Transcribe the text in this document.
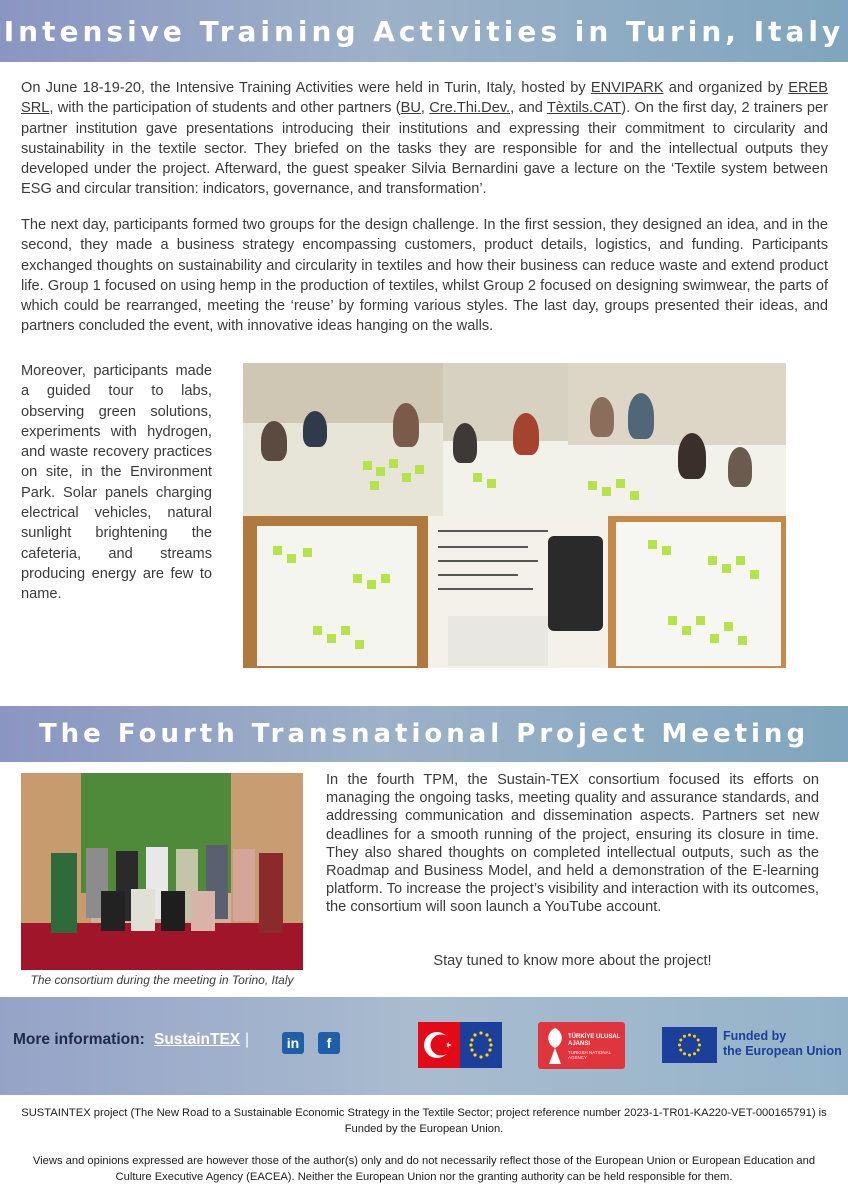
Intensive Training Activities in Turin, Italy
On June 18-19-20, the Intensive Training Activities were held in Turin, Italy, hosted by ENVIPARK and organized by EREB SRL, with the participation of students and other partners (BU, Cre.Thi.Dev., and Tèxtils.CAT). On the first day, 2 trainers per partner institution gave presentations introducing their institutions and expressing their commitment to circularity and sustainability in the textile sector. They briefed on the tasks they are responsible for and the intellectual outputs they developed under the project. Afterward, the guest speaker Silvia Bernardini gave a lecture on the ‘Textile system between ESG and circular transition: indicators, governance, and transformation’.
The next day, participants formed two groups for the design challenge. In the first session, they designed an idea, and in the second, they made a business strategy encompassing customers, product details, logistics, and funding. Participants exchanged thoughts on sustainability and circularity in textiles and how their business can reduce waste and extend product life. Group 1 focused on using hemp in the production of textiles, whilst Group 2 focused on designing swimwear, the parts of which could be rearranged, meeting the ‘reuse’ by forming various styles. The last day, groups presented their ideas, and partners concluded the event, with innovative ideas hanging on the walls.
Moreover, participants made a guided tour to labs, observing green solutions, experiments with hydrogen, and waste recovery practices on site, in the Environment Park. Solar panels charging electrical vehicles, natural sunlight brightening the cafeteria, and streams producing energy are few to name.
The Fourth Transnational Project Meeting
The consortium during the meeting in Torino, Italy
In the fourth TPM, the Sustain-TEX consortium focused its efforts on managing the ongoing tasks, meeting quality and assurance standards, and addressing communication and dissemination aspects. Partners set new deadlines for a smooth running of the project, ensuring its closure in time. They also shared thoughts on completed intellectual outputs, such as the Roadmap and Business Model, and held a demonstration of the E-learning platform. To increase the project’s visibility and interaction with its outcomes, the consortium will soon launch a YouTube account.
Stay tuned to know more about the project!
More information: SustainTEX |	in	f	TÜRKİYE ULUSAL AJANSI
TURKISH NATIONAL AGENCY
Funded by
the European Union
SUSTAINTEX project (The New Road to a Sustainable Economic Strategy in the Textile Sector; project reference number 2023-1-TR01-KA220-VET-000165791) is Funded by the European Union.
Views and opinions expressed are however those of the author(s) only and do not necessarily reflect those of the European Union or European Education and Culture Executive Agency (EACEA). Neither the European Union nor the granting authority can be held responsible for them.
